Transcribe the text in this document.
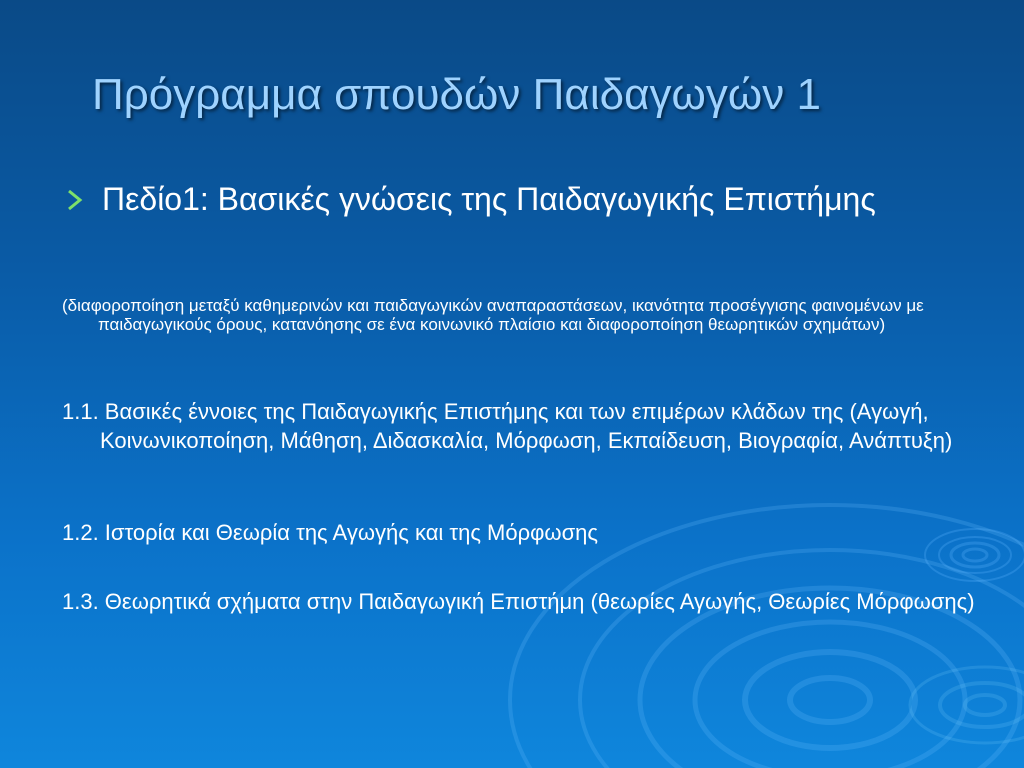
Πρόγραμμα σπουδών Παιδαγωγών 1
Πεδίο1: Βασικές γνώσεις της Παιδαγωγικής Επιστήμης
(διαφοροποίηση μεταξύ καθημερινών και παιδαγωγικών αναπαραστάσεων, ικανότητα προσέγγισης φαινομένων με παιδαγωγικούς όρους, κατανόησης σε ένα κοινωνικό πλαίσιο και διαφοροποίηση θεωρητικών σχημάτων)
1.1. Βασικές έννοιες της Παιδαγωγικής Επιστήμης και των επιμέρων κλάδων της (Αγωγή, Κοινωνικοποίηση, Μάθηση, Διδασκαλία, Μόρφωση, Εκπαίδευση, Βιογραφία, Ανάπτυξη)
1.2. Ιστορία και Θεωρία της Αγωγής και της Μόρφωσης
1.3. Θεωρητικά σχήματα στην Παιδαγωγική Επιστήμη (θεωρίες Αγωγής, Θεωρίες Μόρφωσης)
